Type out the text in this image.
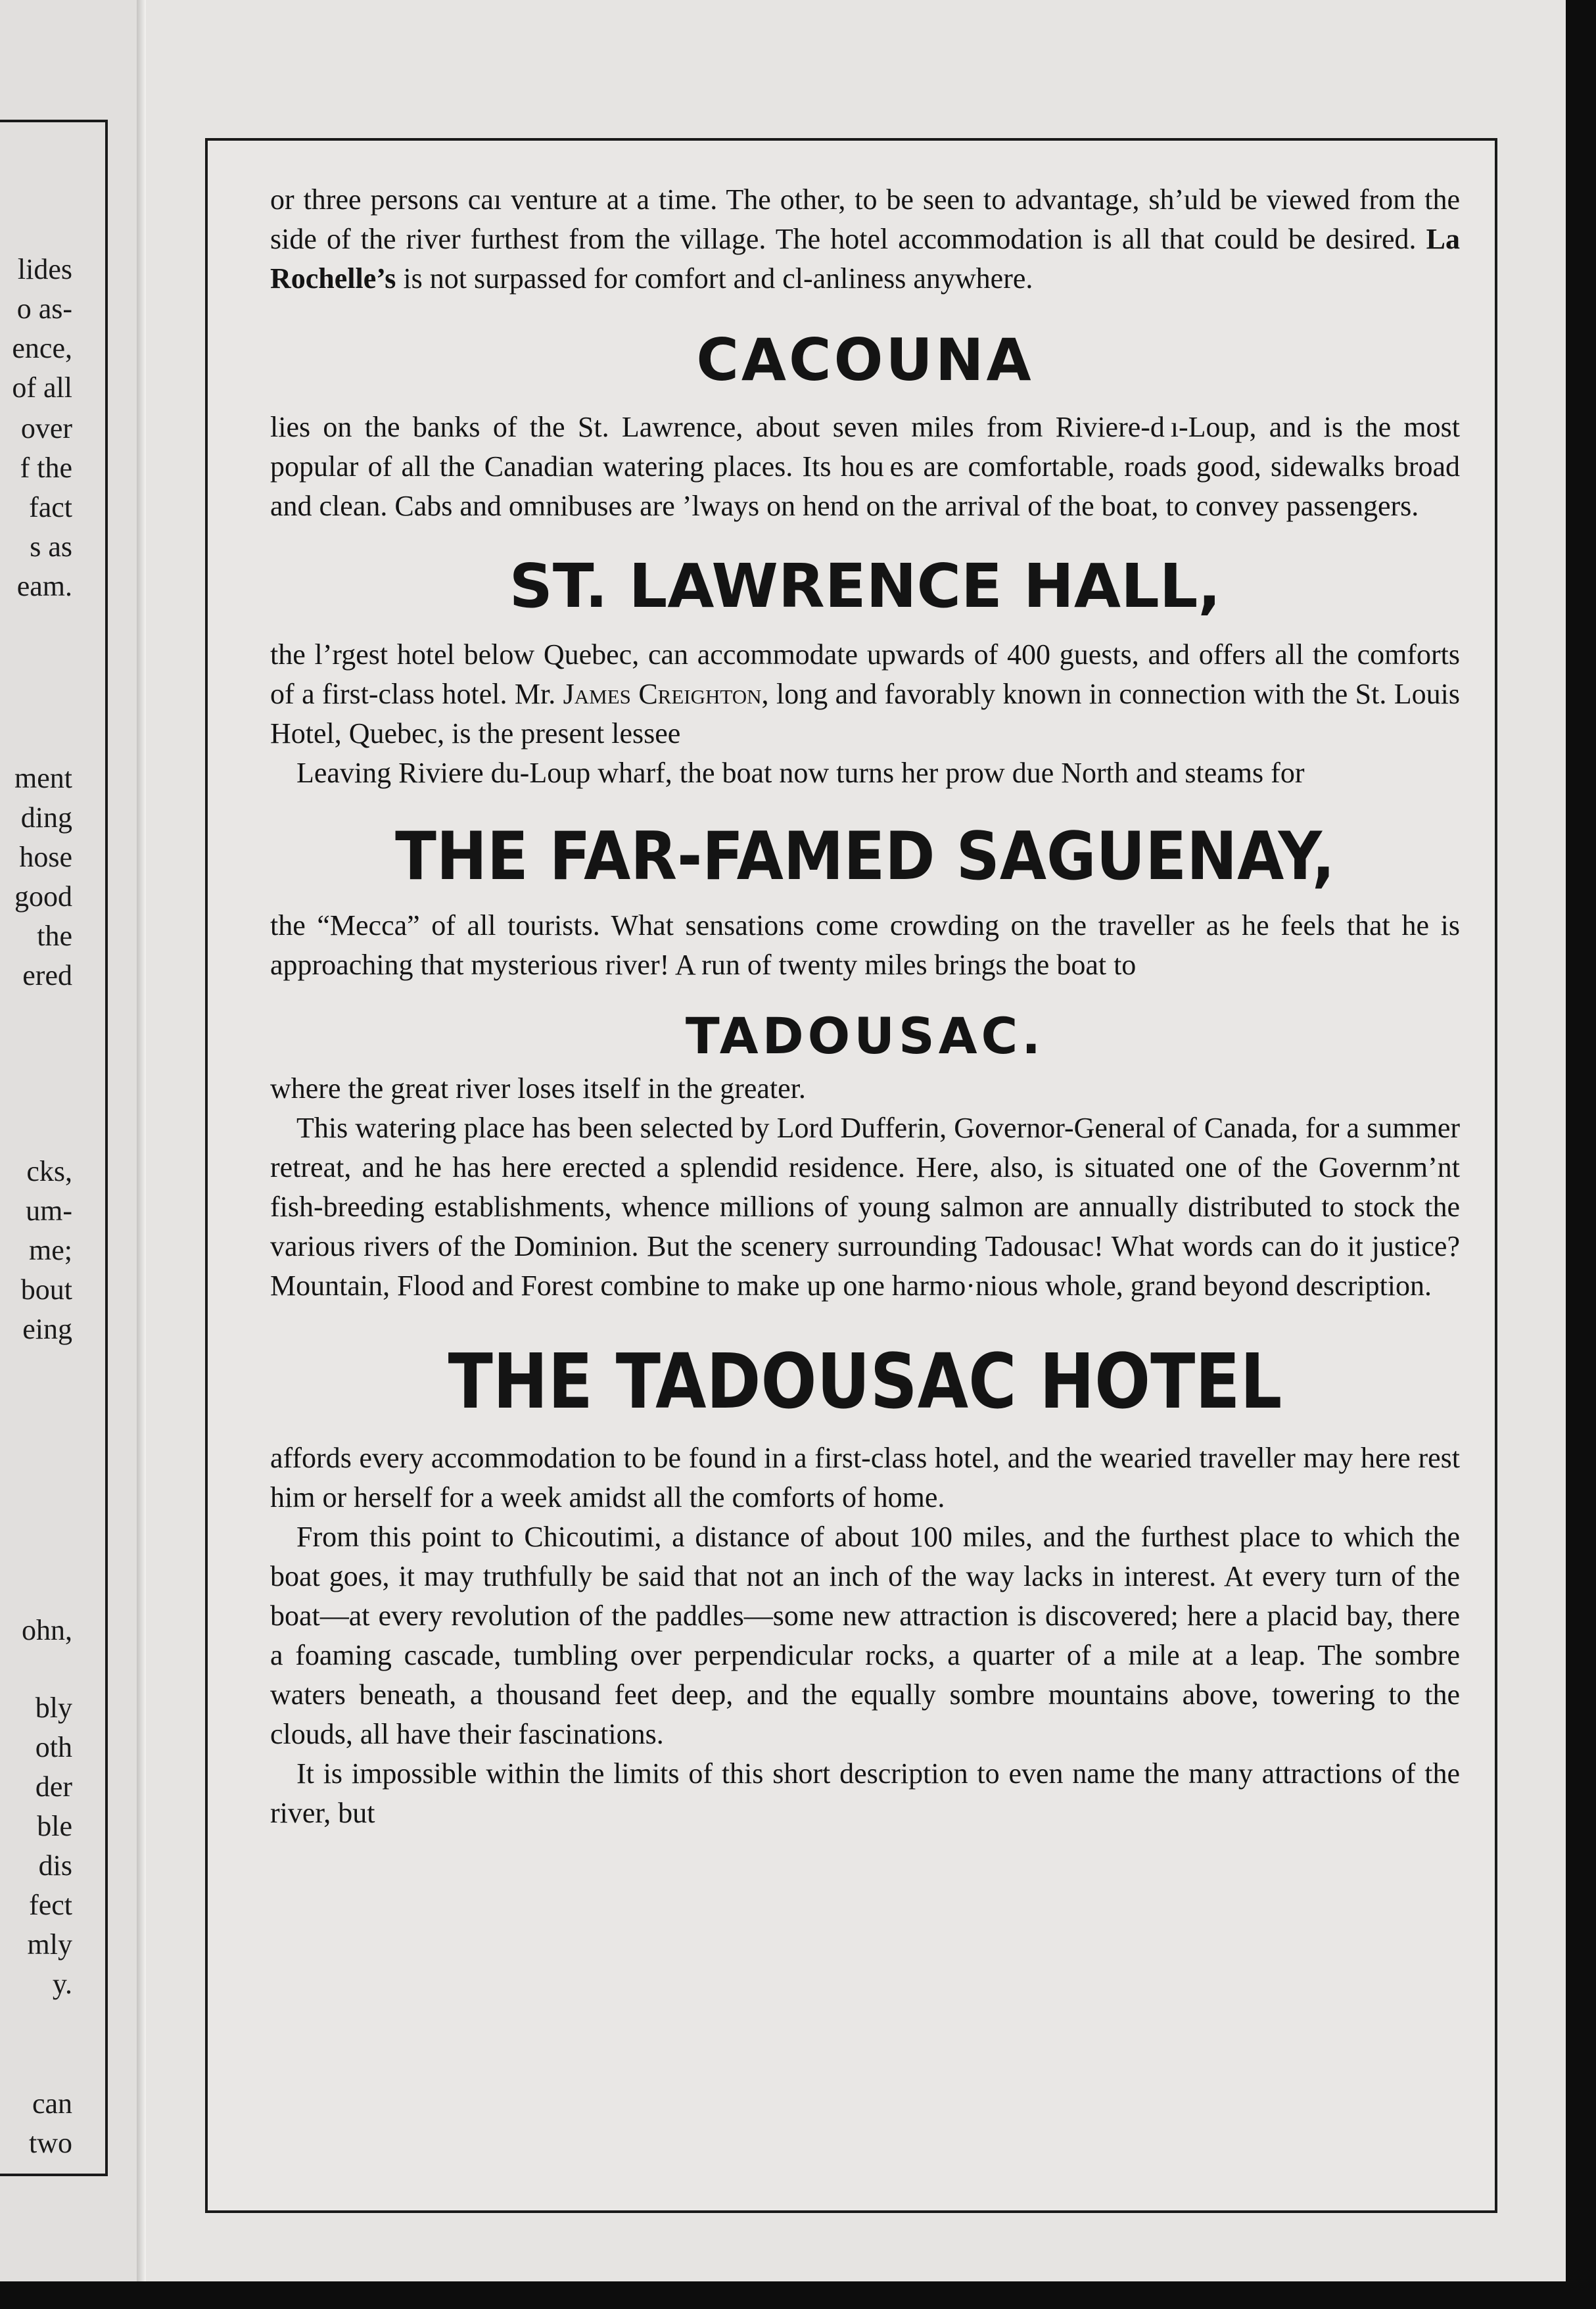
lides
o as-
ence,
of all
over
f the
fact
s as
eam.
ment
ding
hose
good
the
ered
cks,
um-
me;
bout
eing
ohn,
bly
oth
der
ble
dis
fect
mly
y.
can
two

or three persons caı venture at a time. The other, to be seen to advantage, sh’uld be viewed from the side of the river furthest from the village. The hotel accommodation is all that could be desired. La Rochelle’s is not surpassed for comfort and cl‑anliness anywhere.

CACOUNA

lies on the banks of the St. Lawrence, about seven miles from Riviere-d ı-Loup, and is the most popular of all the Canadian watering places. Its hou es are comfortable, roads good, sidewalks broad and clean. Cabs and omnibuses are ’lways on hend on the arrival of the boat, to convey passengers.

ST. LAWRENCE HALL,

the l’rgest hotel below Quebec, can accommodate upwards of 400 guests, and offers all the comforts of a first-class hotel. Mr. James Creighton, long and favorably known in connection with the St. Louis Hotel, Quebec, is the present lessee

Leaving Riviere du-Loup wharf, the boat now turns her prow due North and steams for

THE FAR-FAMED SAGUENAY,

the “Mecca” of all tourists. What sensations come crowding on the traveller as he feels that he is approaching that mysterious river! A run of twenty miles brings the boat to

TADOUSAC.

where the great river loses itself in the greater.

This watering place has been selected by Lord Dufferin, Governor-General of Canada, for a summer retreat, and he has here erected a splendid residence. Here, also, is situated one of the Governm’nt fish-breeding establishments, whence millions of young salmon are annually distributed to stock the various rivers of the Dominion. But the scenery surrounding Tadousac! What words can do it justice? Mountain, Flood and Forest combine to make up one harmo·nious whole, grand beyond description.

THE TADOUSAC HOTEL

affords every accommodation to be found in a first-class hotel, and the wearied traveller may here rest him or herself for a week amidst all the comforts of home.

From this point to Chicoutimi, a distance of about 100 miles, and the furthest place to which the boat goes, it may truthfully be said that not an inch of the way lacks in interest. At every turn of the boat—at every revolution of the paddles—some new attraction is discovered; here a placid bay, there a foaming cascade, tumbling over perpendicular rocks, a quarter of a mile at a leap. The sombre waters beneath, a thousand feet deep, and the equally sombre mountains above, towering to the clouds, all have their fascinations.

It is impossible within the limits of this short description to even name the many attractions of the river, but
